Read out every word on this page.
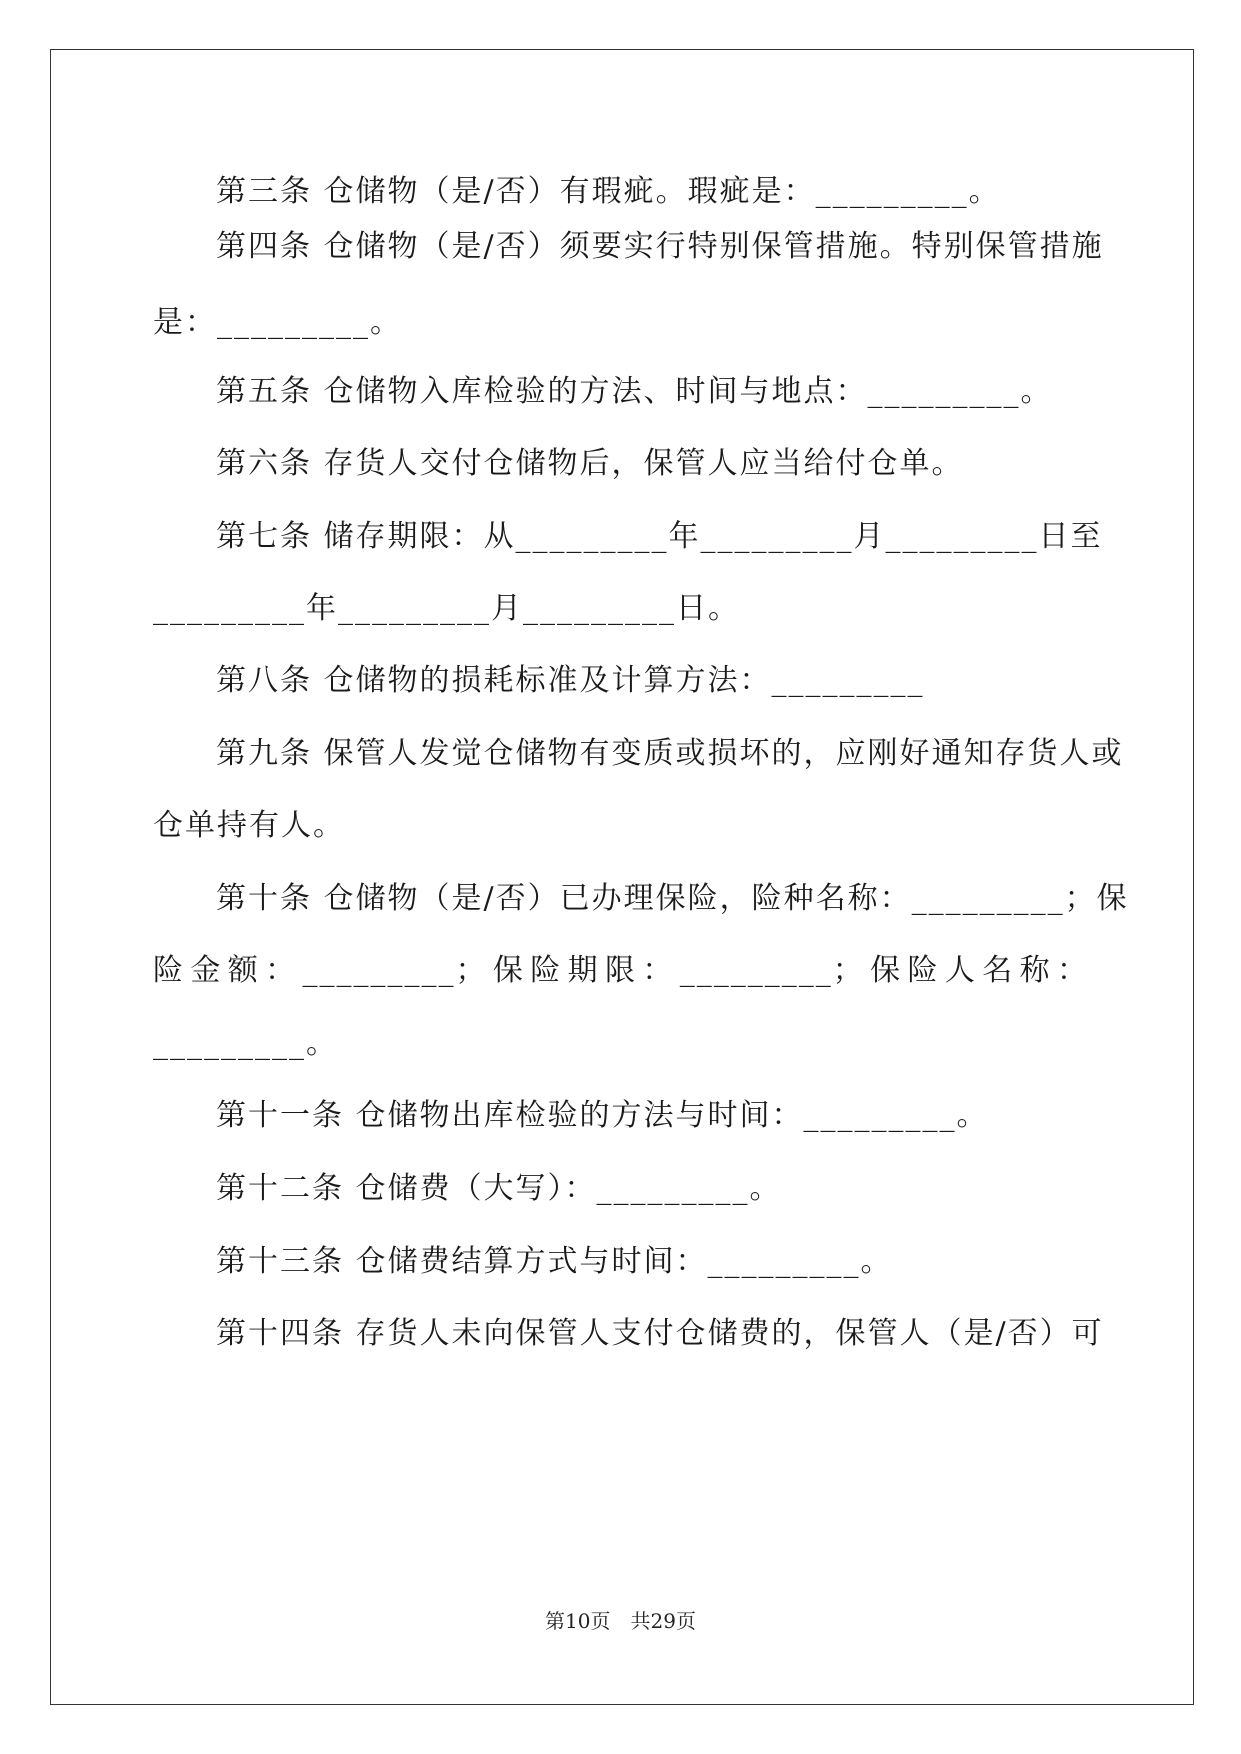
第三条 仓储物（是/否）有瑕疵。瑕疵是：_________。
第四条 仓储物（是/否）须要实行特别保管措施。特别保管措施
是：_________。
第五条 仓储物入库检验的方法、时间与地点：_________。
第六条 存货人交付仓储物后，保管人应当给付仓单。
第七条 储存期限：从_________年_________月_________日至
_________年_________月_________日。
第八条 仓储物的损耗标准及计算方法：_________
第九条 保管人发觉仓储物有变质或损坏的，应刚好通知存货人或
仓单持有人。
第十条 仓储物（是/否）已办理保险，险种名称：_________；保
险金额：_________；保险期限：_________；保险人名称：
_________。
第十一条 仓储物出库检验的方法与时间：_________。
第十二条 仓储费（大写）：_________。
第十三条 仓储费结算方式与时间：_________。
第十四条 存货人未向保管人支付仓储费的，保管人（是/否）可
第10页　共29页
